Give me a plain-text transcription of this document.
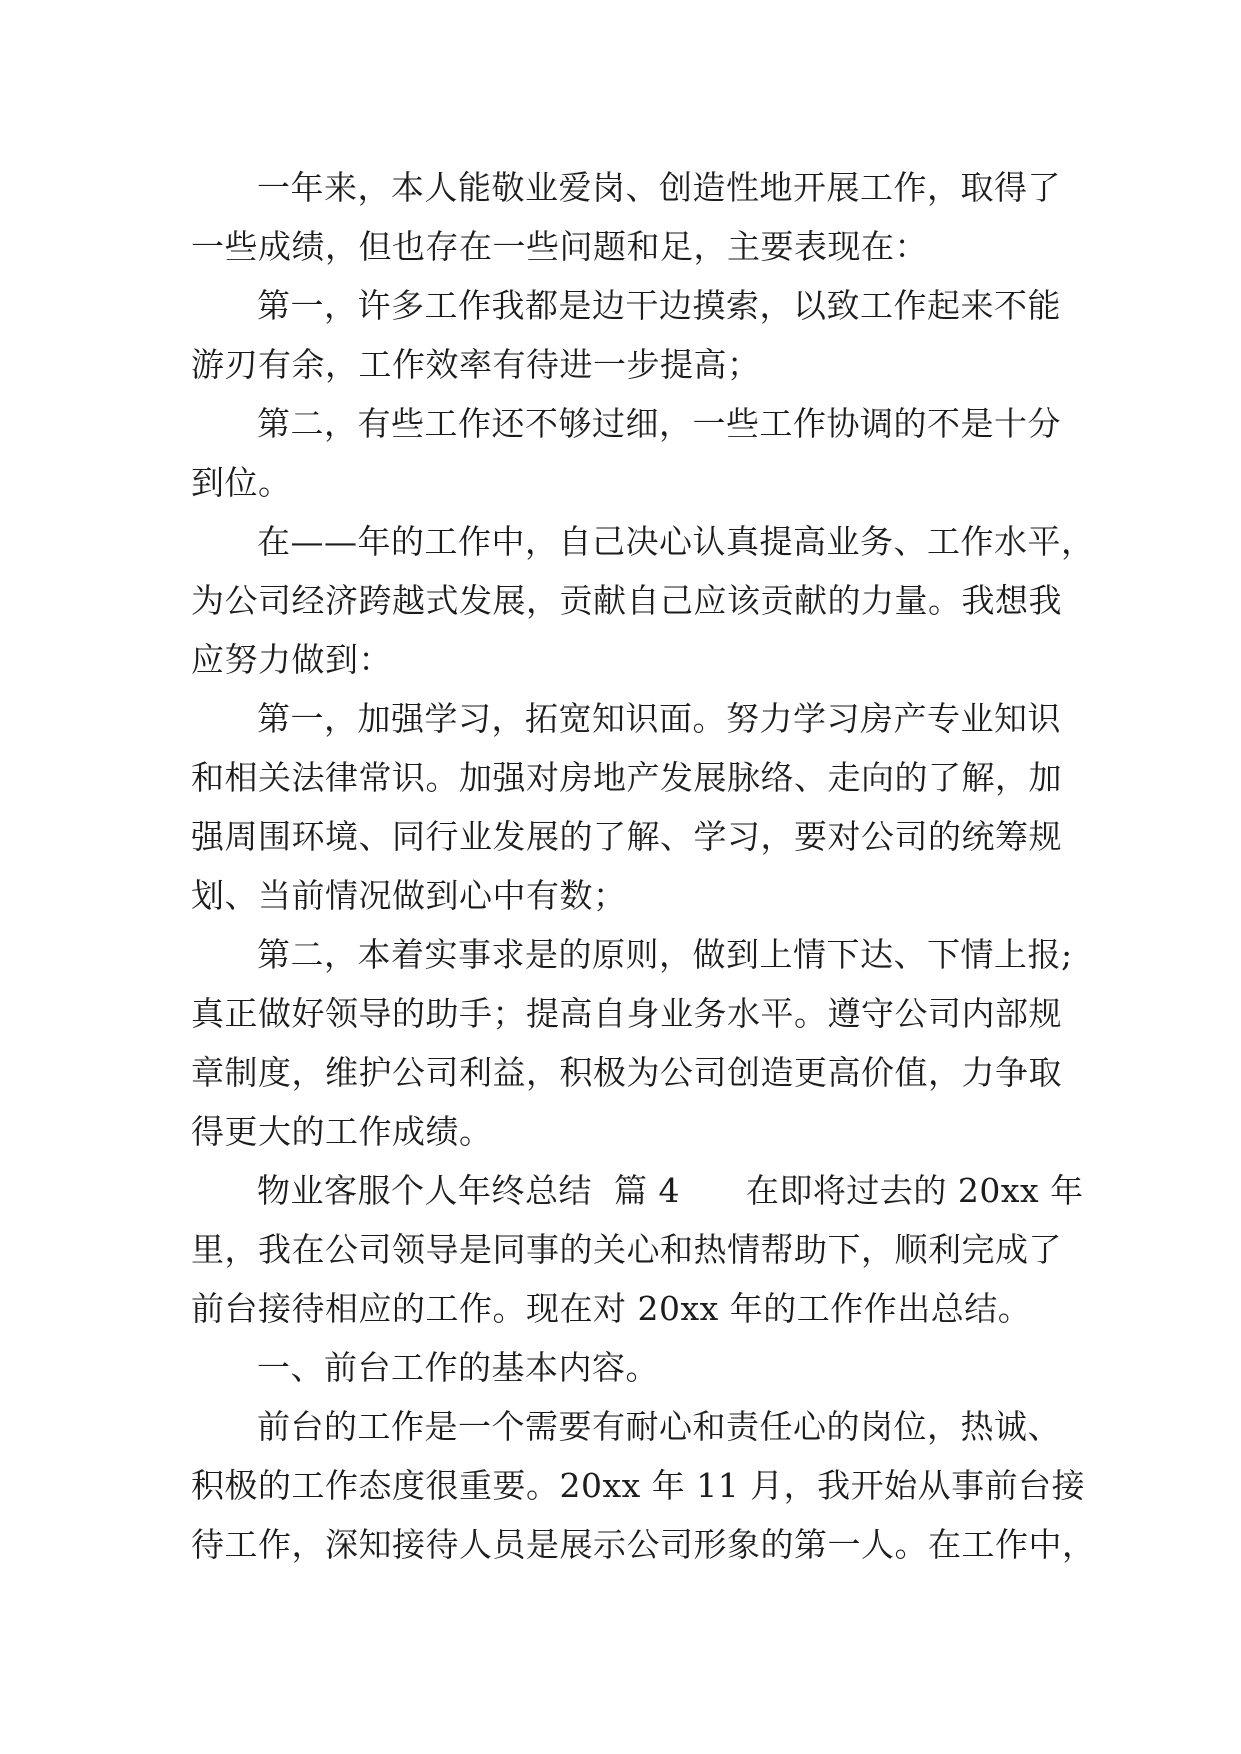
一年来，本人能敬业爱岗、创造性地开展工作，取得了
一些成绩，但也存在一些问题和足，主要表现在：
第一，许多工作我都是边干边摸索，以致工作起来不能
游刃有余，工作效率有待进一步提高；
第二，有些工作还不够过细，一些工作协调的不是十分
到位。
在——年的工作中，自己决心认真提高业务、工作水平，
为公司经济跨越式发展，贡献自己应该贡献的力量。我想我
应努力做到：
第一，加强学习，拓宽知识面。努力学习房产专业知识
和相关法律常识。加强对房地产发展脉络、走向的了解，加
强周围环境、同行业发展的了解、学习，要对公司的统筹规
划、当前情况做到心中有数；
第二，本着实事求是的原则，做到上情下达、下情上报;
真正做好领导的助手；提高自身业务水平。遵守公司内部规
章制度，维护公司利益，积极为公司创造更高价值，力争取
得更大的工作成绩。
物业客服个人年终总结  篇 4      在即将过去的 20xx 年
里，我在公司领导是同事的关心和热情帮助下，顺利完成了
前台接待相应的工作。现在对 20xx 年的工作作出总结。
一、前台工作的基本内容。
前台的工作是一个需要有耐心和责任心的岗位，热诚、
积极的工作态度很重要。20xx 年 11 月，我开始从事前台接
待工作，深知接待人员是展示公司形象的第一人。在工作中，
